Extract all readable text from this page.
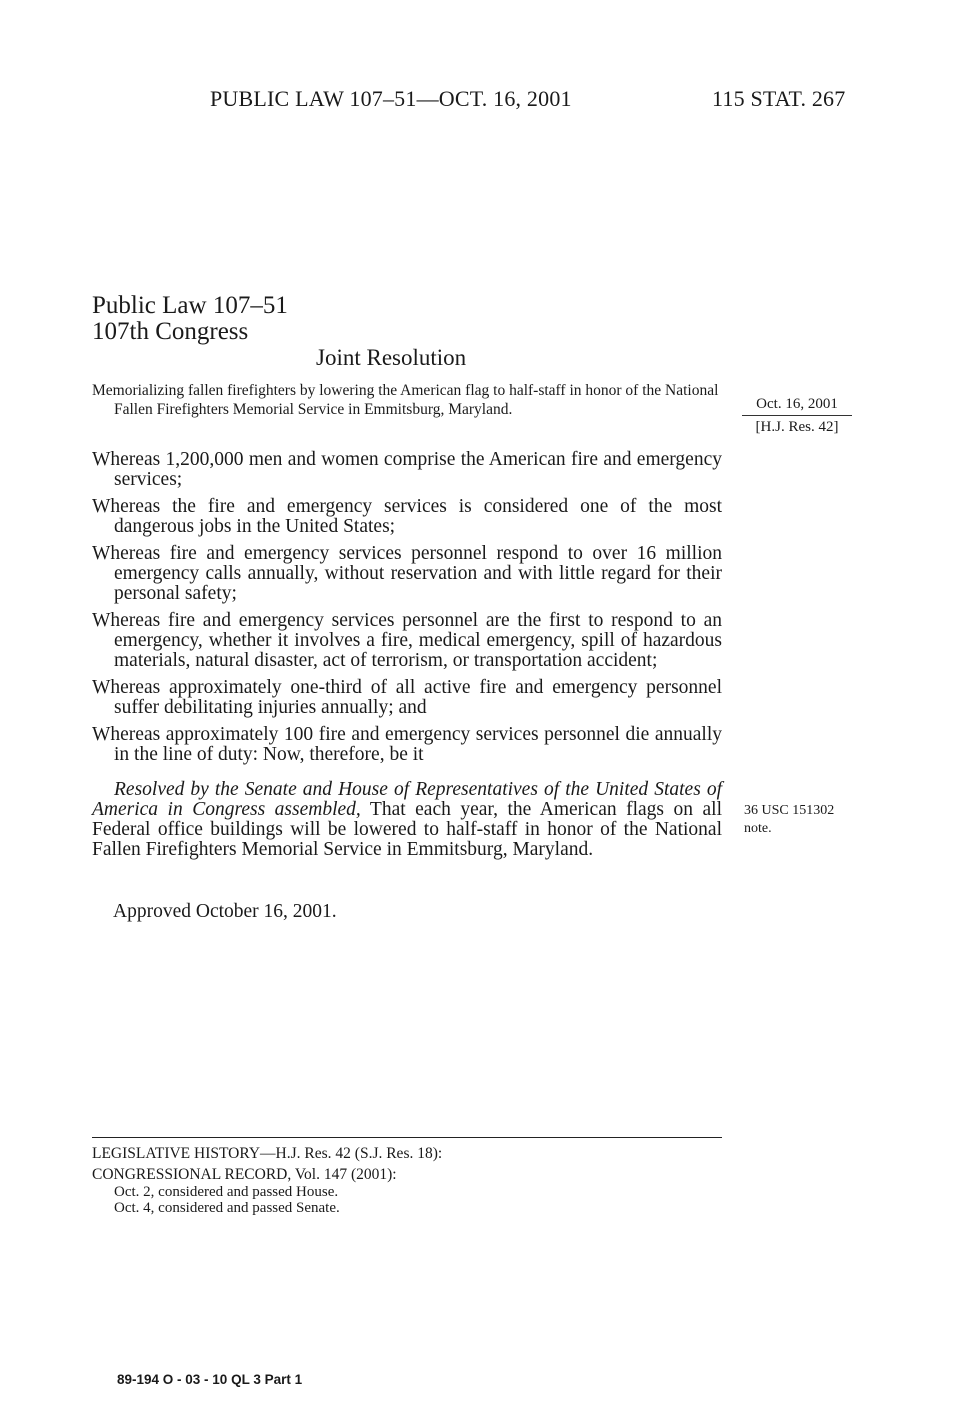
PUBLIC LAW 107–51—OCT. 16, 2001	115 STAT. 267
Public Law 107–51
107th Congress
Joint Resolution
Memorializing fallen firefighters by lowering the American flag to half-staff in honor of the National Fallen Firefighters Memorial Service in Emmitsburg, Maryland.	Oct. 16, 2001
[H.J. Res. 42]
Whereas 1,200,000 men and women comprise the American fire and emergency services;
Whereas the fire and emergency services is considered one of the most dangerous jobs in the United States;
Whereas fire and emergency services personnel respond to over 16 million emergency calls annually, without reservation and with little regard for their personal safety;
Whereas fire and emergency services personnel are the first to respond to an emergency, whether it involves a fire, medical emergency, spill of hazardous materials, natural disaster, act of terrorism, or transportation accident;
Whereas approximately one-third of all active fire and emergency personnel suffer debilitating injuries annually; and
Whereas approximately 100 fire and emergency services personnel die annually in the line of duty: Now, therefore, be it
Resolved by the Senate and House of Representatives of the United States of America in Congress assembled, That each year, the American flags on all Federal office buildings will be lowered to half-staff in honor of the National Fallen Firefighters Memorial Service in Emmitsburg, Maryland.
36 USC 151302
note.
Approved October 16, 2001.
LEGISLATIVE HISTORY—H.J. Res. 42 (S.J. Res. 18):
CONGRESSIONAL RECORD, Vol. 147 (2001):
Oct. 2, considered and passed House.
Oct. 4, considered and passed Senate.
89-194 O - 03 - 10 QL 3 Part 1
